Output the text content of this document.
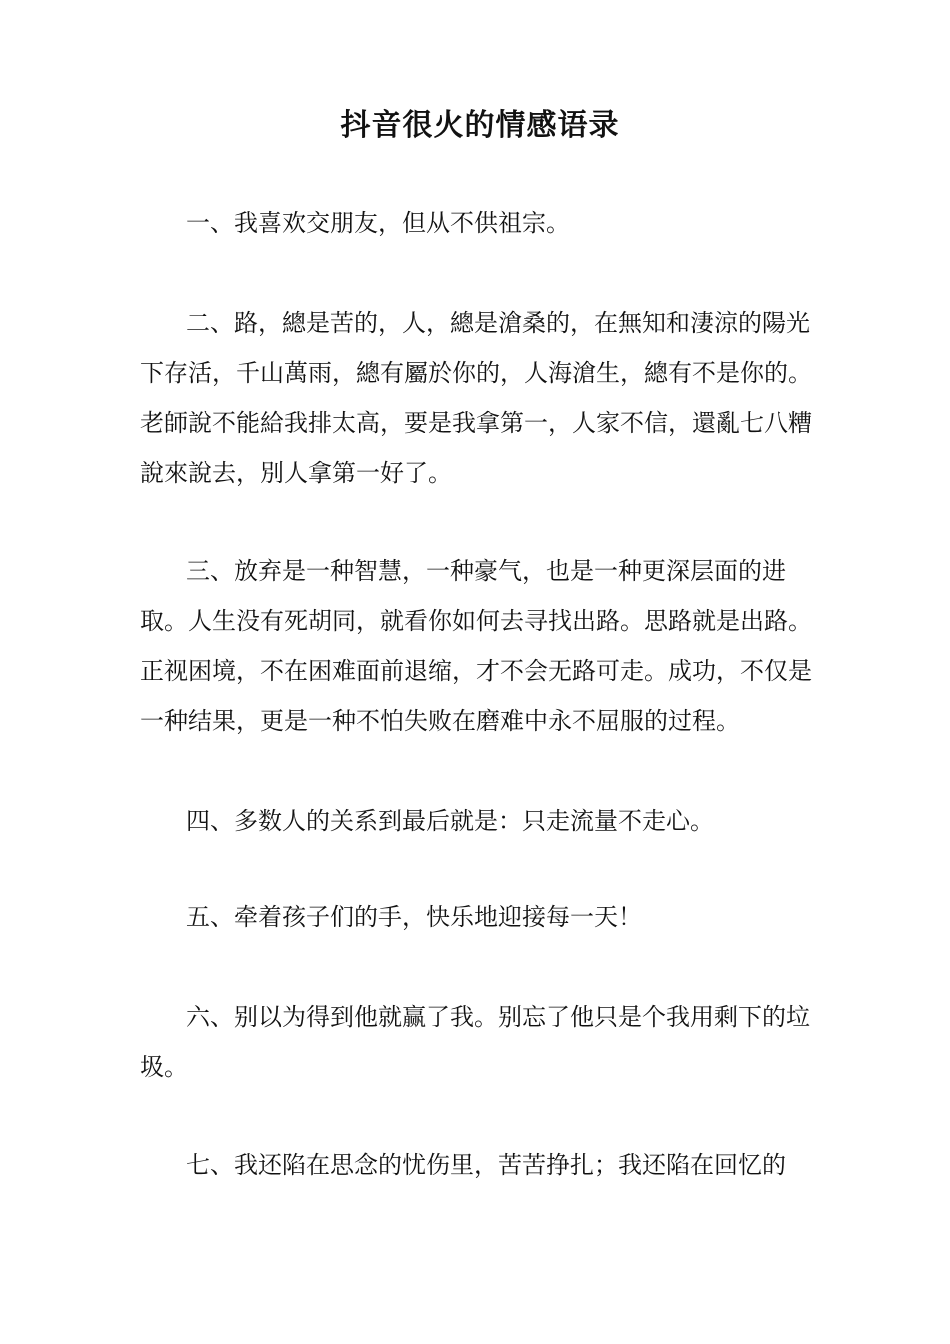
抖音很火的情感语录

一、我喜欢交朋友，但从不供祖宗。

二、路，總是苦的，人，總是滄桑的，在無知和淒涼的陽光下存活，千山萬雨，總有屬於你的，人海滄生，總有不是你的。老師說不能給我排太高，要是我拿第一，人家不信，還亂七八糟說來說去，別人拿第一好了。

三、放弃是一种智慧，一种豪气，也是一种更深层面的进取。人生没有死胡同，就看你如何去寻找出路。思路就是出路。正视困境，不在困难面前退缩，才不会无路可走。成功，不仅是一种结果，更是一种不怕失败在磨难中永不屈服的过程。

四、多数人的关系到最后就是：只走流量不走心。

五、牵着孩子们的手，快乐地迎接每一天！

六、别以为得到他就赢了我。别忘了他只是个我用剩下的垃圾。

七、我还陷在思念的忧伤里，苦苦挣扎；我还陷在回忆的
